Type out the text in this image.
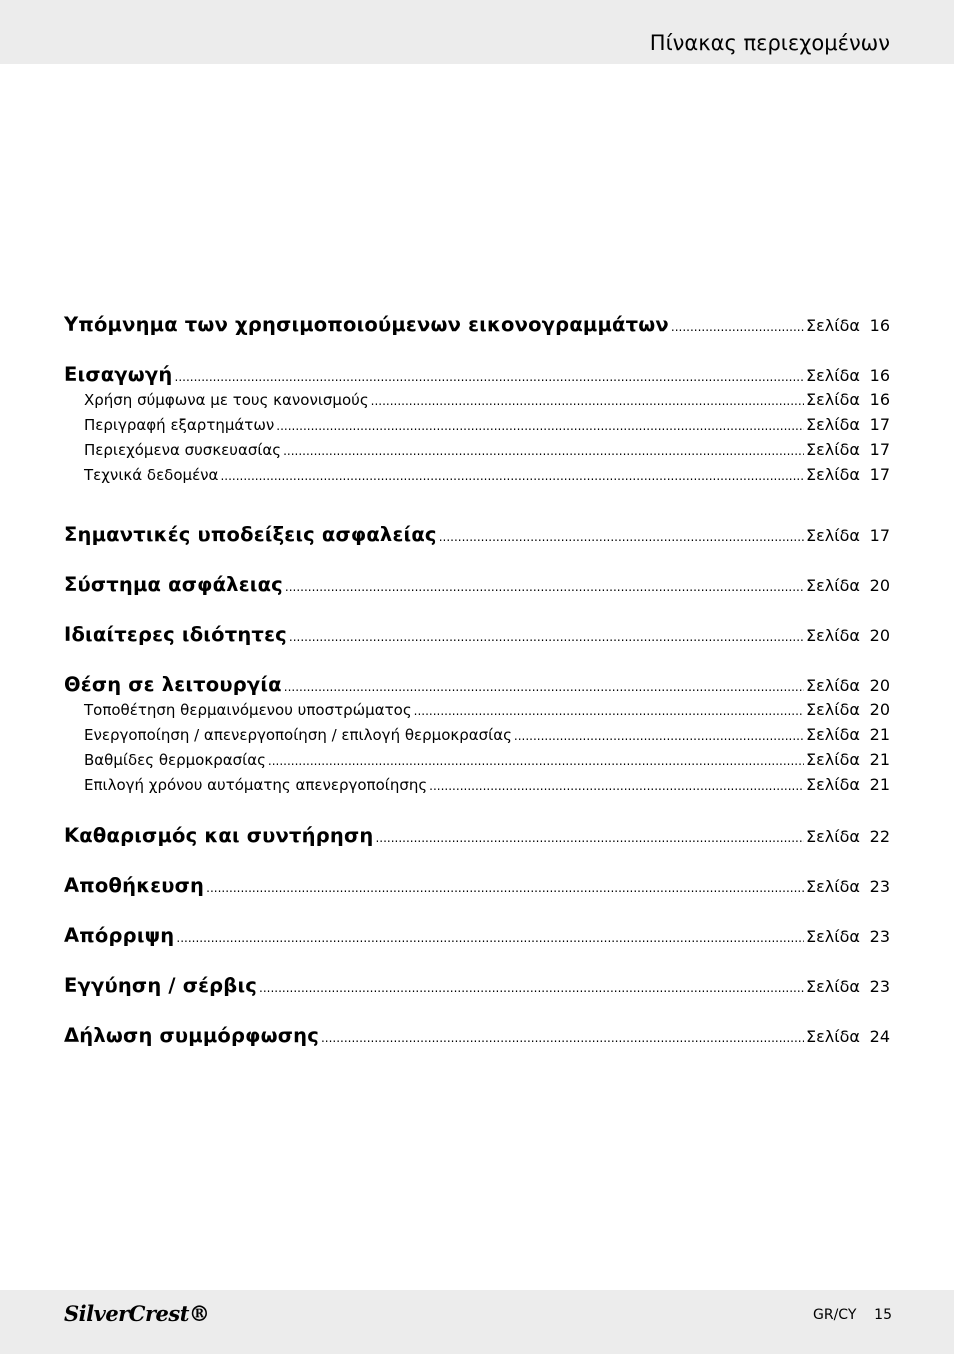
Πίνακας περιεχομένων
Υπόμνημα των χρησιμοποιούμενων εικονογραμμάτων .....	Σελίδα 16
Εισαγωγή .....	Σελίδα 16
Χρήση σύμφωνα με τους κανονισμούς .....	Σελίδα 16
Περιγραφή εξαρτημάτων .....	Σελίδα 17
Περιεχόμενα συσκευασίας .....	Σελίδα 17
Τεχνικά δεδομένα .....	Σελίδα 17
Σημαντικές υποδείξεις ασφαλείας .....	Σελίδα 17
Σύστημα ασφάλειας .....	Σελίδα 20
Ιδιαίτερες ιδιότητες .....	Σελίδα 20
Θέση σε λειτουργία .....	Σελίδα 20
Τοποθέτηση θερμαινόμενου υποστρώματος .....	Σελίδα 20
Ενεργοποίηση / απενεργοποίηση / επιλογή θερμοκρασίας .....	Σελίδα 21
Βαθμίδες θερμοκρασίας .....	Σελίδα 21
Επιλογή χρόνου αυτόματης απενεργοποίησης .....	Σελίδα 21
Καθαρισμός και συντήρηση .....	Σελίδα 22
Αποθήκευση .....	Σελίδα 23
Απόρριψη .....	Σελίδα 23
Εγγύηση / σέρβις .....	Σελίδα 23
Δήλωση συμμόρφωσης .....	Σελίδα 24
SilverCrest®	GR/CY 15
